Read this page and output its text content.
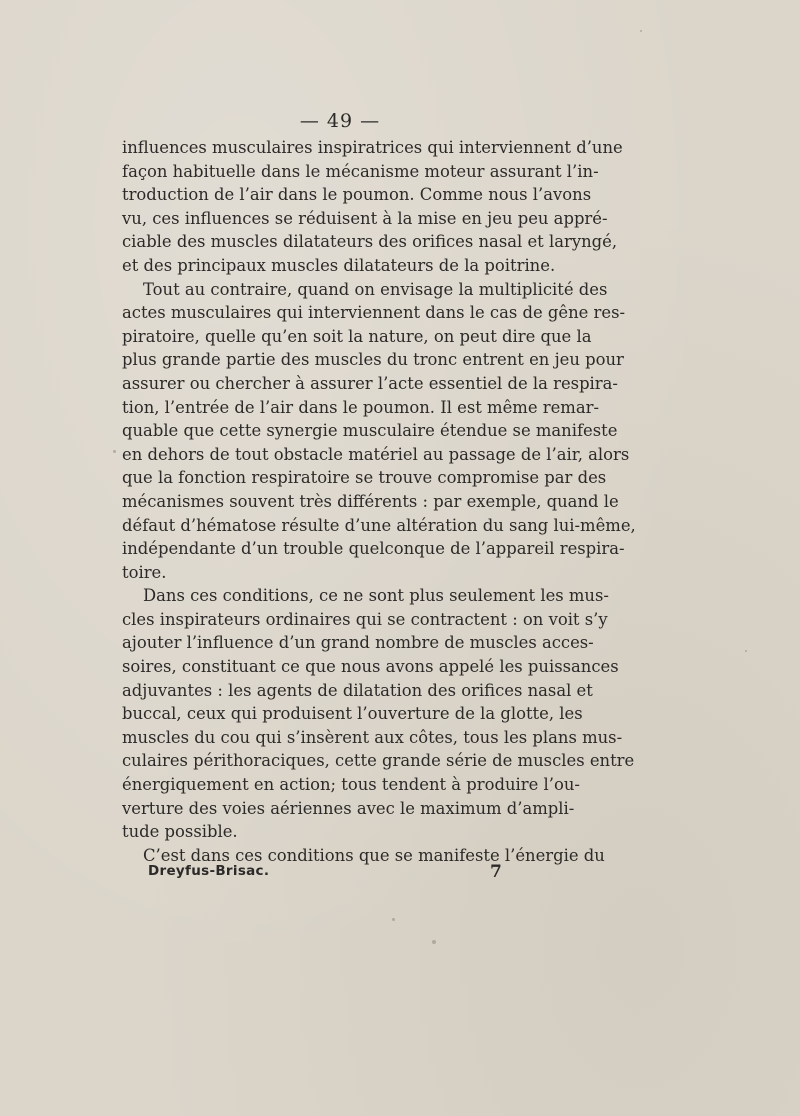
— 49 —
influences musculaires inspiratrices qui interviennent d’une
façon habituelle dans le mécanisme moteur assurant l’in-
troduction de l’air dans le poumon. Comme nous l’avons
vu, ces influences se réduisent à la mise en jeu peu appré-
ciable des muscles dilatateurs des orifices nasal et laryngé,
et des principaux muscles dilatateurs de la poitrine.
Tout au contraire, quand on envisage la multiplicité des
actes musculaires qui interviennent dans le cas de gêne res-
piratoire, quelle qu’en soit la nature, on peut dire que la
plus grande partie des muscles du tronc entrent en jeu pour
assurer ou chercher à assurer l’acte essentiel de la respira-
tion, l’entrée de l’air dans le poumon. Il est même remar-
quable que cette synergie musculaire étendue se manifeste
en dehors de tout obstacle matériel au passage de l’air, alors
que la fonction respiratoire se trouve compromise par des
mécanismes souvent très différents : par exemple, quand le
défaut d’hématose résulte d’une altération du sang lui-même,
indépendante d’un trouble quelconque de l’appareil respira-
toire.
Dans ces conditions, ce ne sont plus seulement les mus-
cles inspirateurs ordinaires qui se contractent : on voit s’y
ajouter l’influence d’un grand nombre de muscles acces-
soires, constituant ce que nous avons appelé les puissances
adjuvantes : les agents de dilatation des orifices nasal et
buccal, ceux qui produisent l’ouverture de la glotte, les
muscles du cou qui s’insèrent aux côtes, tous les plans mus-
culaires périthoraciques, cette grande série de muscles entre
énergiquement en action; tous tendent à produire l’ou-
verture des voies aériennes avec le maximum d’ampli-
tude possible.
C’est dans ces conditions que se manifeste l’énergie du
Dreyfus-Brisac.	7
